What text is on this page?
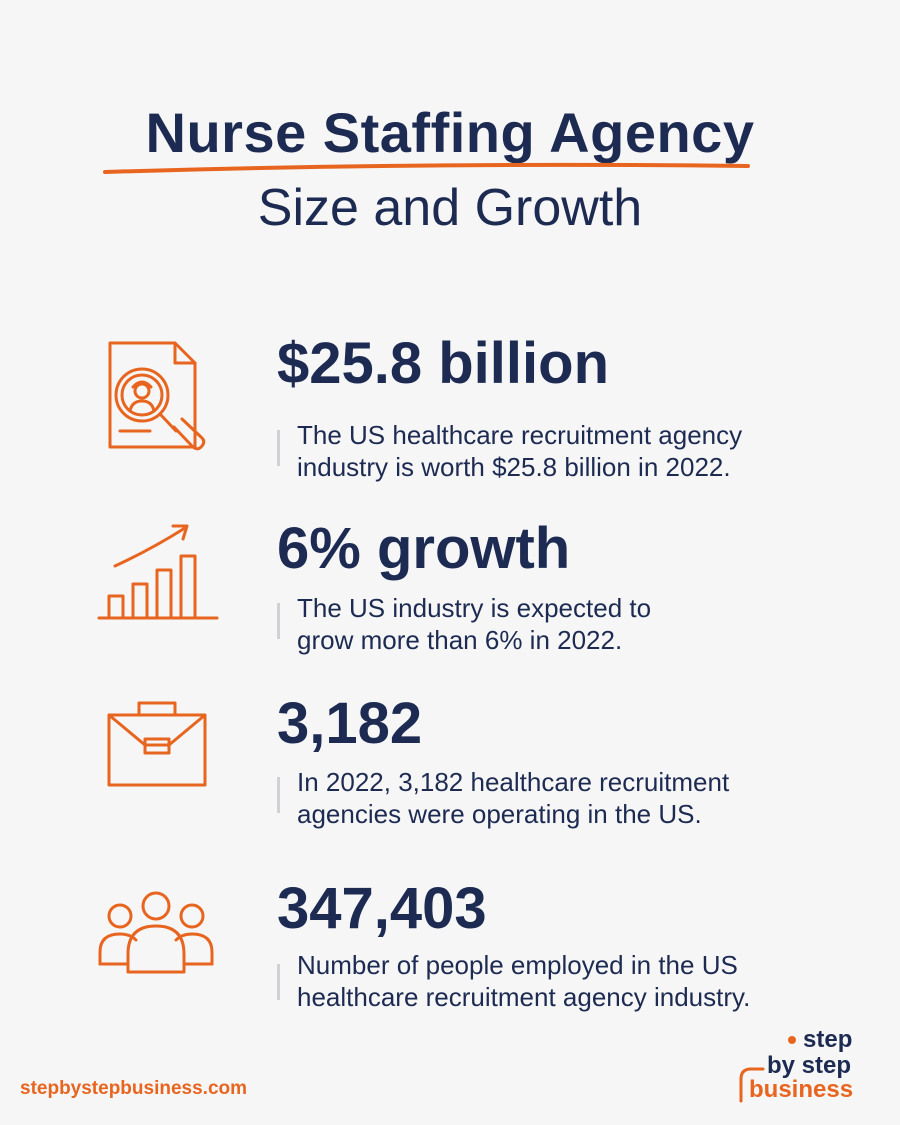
Nurse Staffing Agency
Size and Growth
$25.8 billion
The US healthcare recruitment agency
industry is worth $25.8 billion in 2022.
6% growth
The US industry is expected to
grow more than 6% in 2022.
3,182
In 2022, 3,182 healthcare recruitment
agencies were operating in the US.
347,403
Number of people employed in the US
healthcare recruitment agency industry.
stepbystepbusiness.com
step
by step
business
